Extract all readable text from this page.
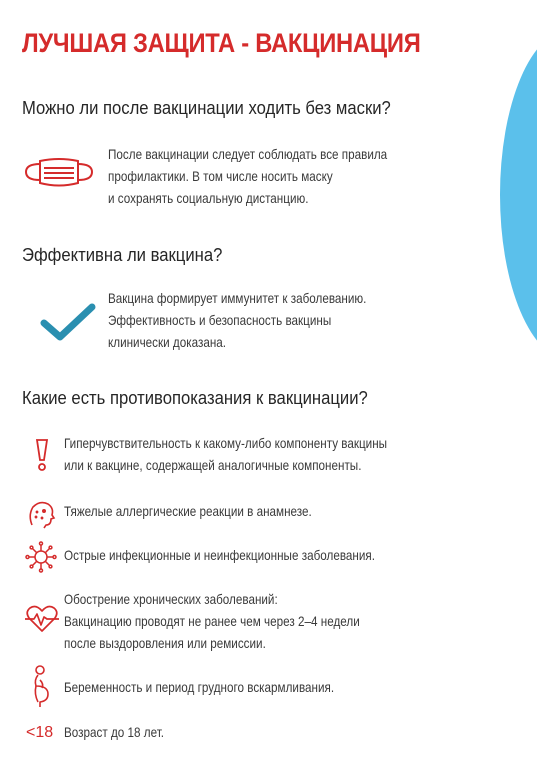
ЛУЧШАЯ ЗАЩИТА - ВАКЦИНАЦИЯ
Можно ли после вакцинации ходить без маски?
После вакцинации следует соблюдать все правила
профилактики. В том числе носить маску
и сохранять социальную дистанцию.
Эффективна ли вакцина?
Вакцина формирует иммунитет к заболеванию.
Эффективность и безопасность вакцины
клинически доказана.
Какие есть противопоказания к вакцинации?
Гиперчувствительность к какому-либо компоненту вакцины
или к вакцине, содержащей аналогичные компоненты.
Тяжелые аллергические реакции в анамнезе.
Острые инфекционные и неинфекционные заболевания.
Обострение хронических заболеваний:
Вакцинацию проводят не ранее чем через 2–4 недели
после выздоровления или ремиссии.
Беременность и период грудного вскармливания.
<18 Возраст до 18 лет.
